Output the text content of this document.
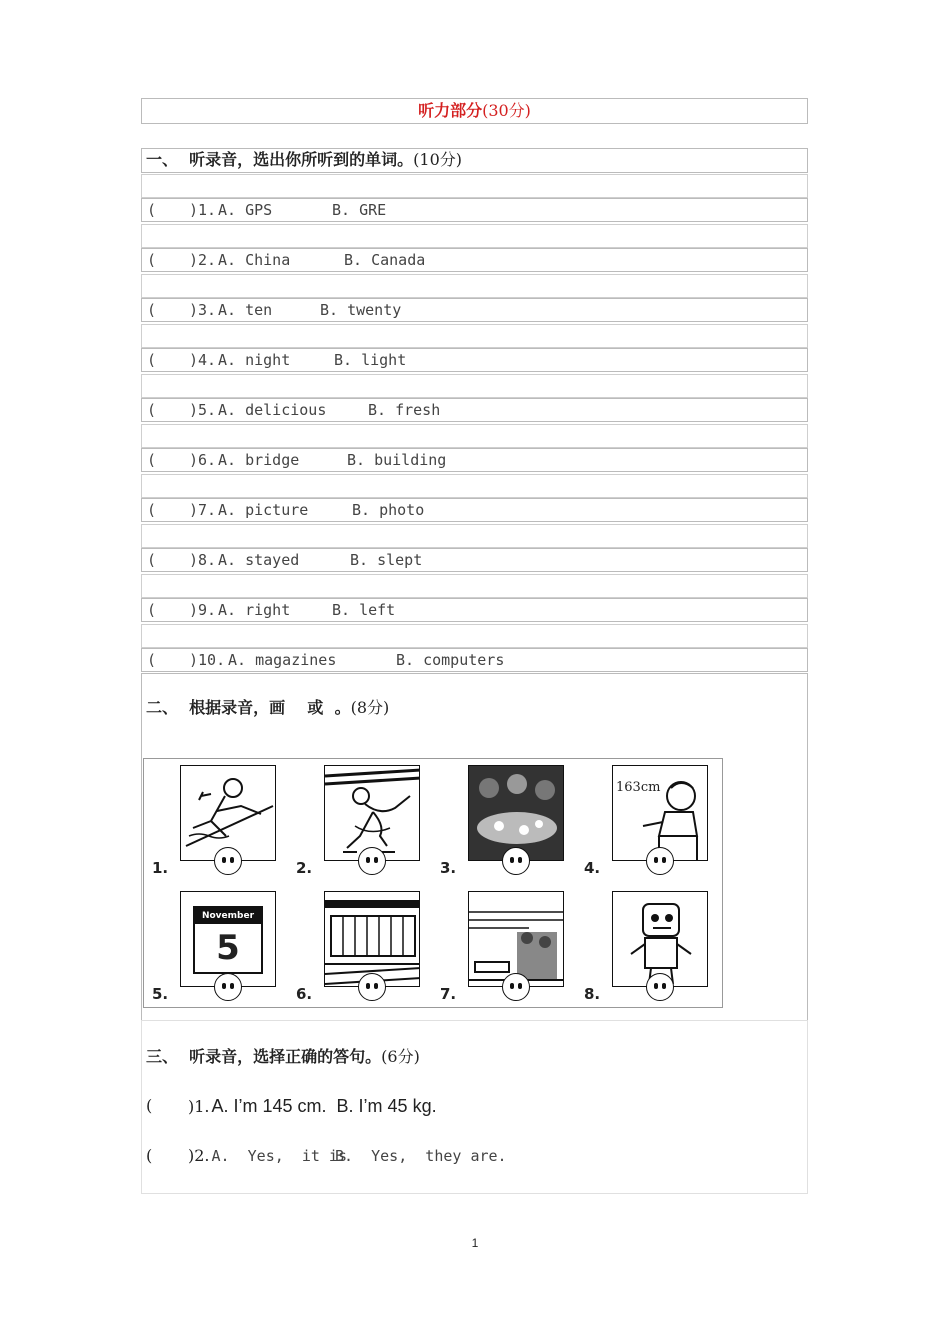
听力部分(30分)
一、  听录音，选出你所听到的单词。(10分)
( )1. A. GPS	B. GRE
( )2. A. China	B. Canada
( )3. A. ten	B. twenty
( )4. A. night	B. light
( )5. A. delicious	B. fresh
( )6. A. bridge	B. building
( )7. A. picture	B. photo
( )8. A. stayed	B. slept
( )9. A. right	B. left
( )10. A. magazines	B. computers
二、  根据录音，画    或  。(8分)
1.	2.	3.
163cm
4.
November
5
5.	6.	7.	8.
三、  听录音，选择正确的答句。(6分)
( )1. A. I’m 145 cm. B. I’m 45 kg.
( )2. A.  Yes,  it isB.  Yes,  they are.
1
